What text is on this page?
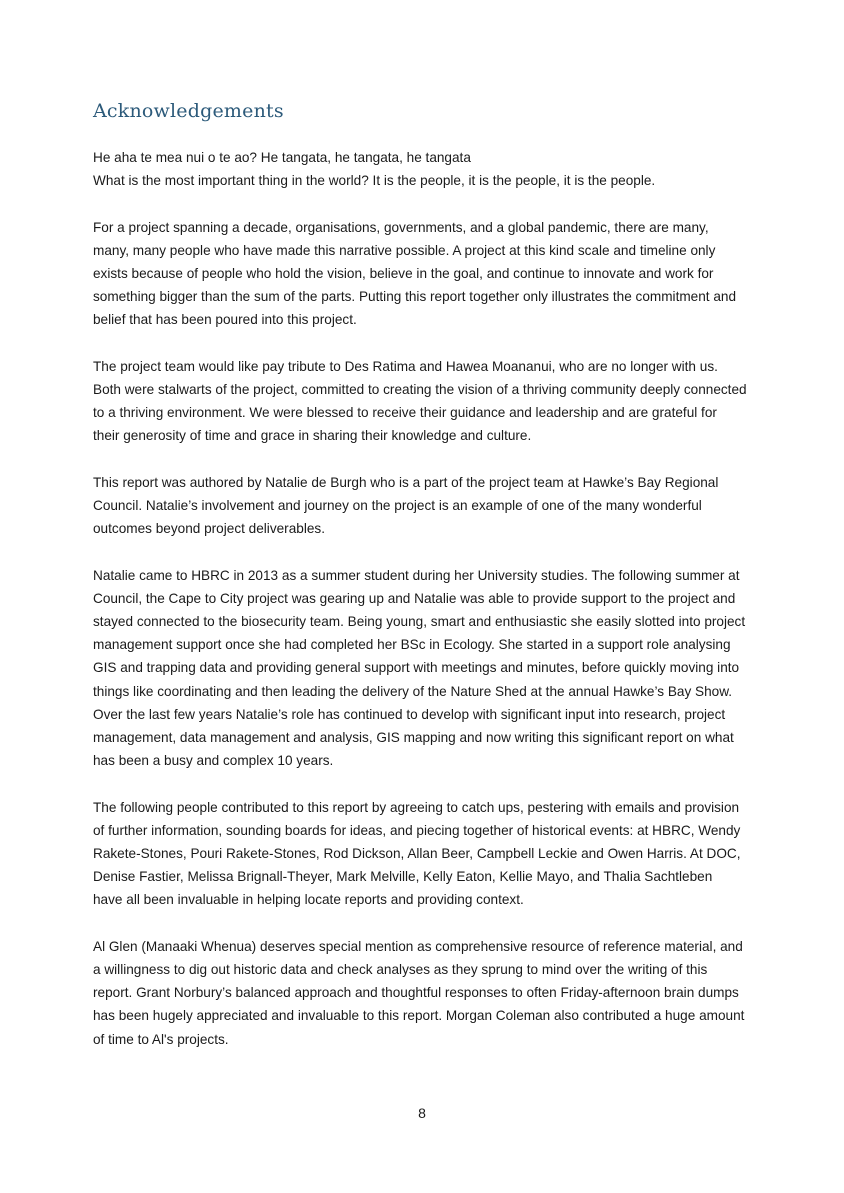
Acknowledgements
He aha te mea nui o te ao? He tangata, he tangata, he tangata
What is the most important thing in the world? It is the people, it is the people, it is the people.
For a project spanning a decade, organisations, governments, and a global pandemic, there are many,
many, many people who have made this narrative possible. A project at this kind scale and timeline only
exists because of people who hold the vision, believe in the goal, and continue to innovate and work for
something bigger than the sum of the parts. Putting this report together only illustrates the commitment and
belief that has been poured into this project.
The project team would like pay tribute to Des Ratima and Hawea Moananui, who are no longer with us.
Both were stalwarts of the project, committed to creating the vision of a thriving community deeply connected
to a thriving environment. We were blessed to receive their guidance and leadership and are grateful for
their generosity of time and grace in sharing their knowledge and culture.
This report was authored by Natalie de Burgh who is a part of the project team at Hawke’s Bay Regional
Council. Natalie’s involvement and journey on the project is an example of one of the many wonderful
outcomes beyond project deliverables.
Natalie came to HBRC in 2013 as a summer student during her University studies. The following summer at
Council, the Cape to City project was gearing up and Natalie was able to provide support to the project and
stayed connected to the biosecurity team. Being young, smart and enthusiastic she easily slotted into project
management support once she had completed her BSc in Ecology. She started in a support role analysing
GIS and trapping data and providing general support with meetings and minutes, before quickly moving into
things like coordinating and then leading the delivery of the Nature Shed at the annual Hawke’s Bay Show.
Over the last few years Natalie’s role has continued to develop with significant input into research, project
management, data management and analysis, GIS mapping and now writing this significant report on what
has been a busy and complex 10 years.
The following people contributed to this report by agreeing to catch ups, pestering with emails and provision
of further information, sounding boards for ideas, and piecing together of historical events: at HBRC, Wendy
Rakete-Stones, Pouri Rakete-Stones, Rod Dickson, Allan Beer, Campbell Leckie and Owen Harris. At DOC,
Denise Fastier, Melissa Brignall-Theyer, Mark Melville, Kelly Eaton, Kellie Mayo, and Thalia Sachtleben
have all been invaluable in helping locate reports and providing context.
Al Glen (Manaaki Whenua) deserves special mention as comprehensive resource of reference material, and
a willingness to dig out historic data and check analyses as they sprung to mind over the writing of this
report. Grant Norbury’s balanced approach and thoughtful responses to often Friday-afternoon brain dumps
has been hugely appreciated and invaluable to this report. Morgan Coleman also contributed a huge amount
of time to Al's projects.
8
